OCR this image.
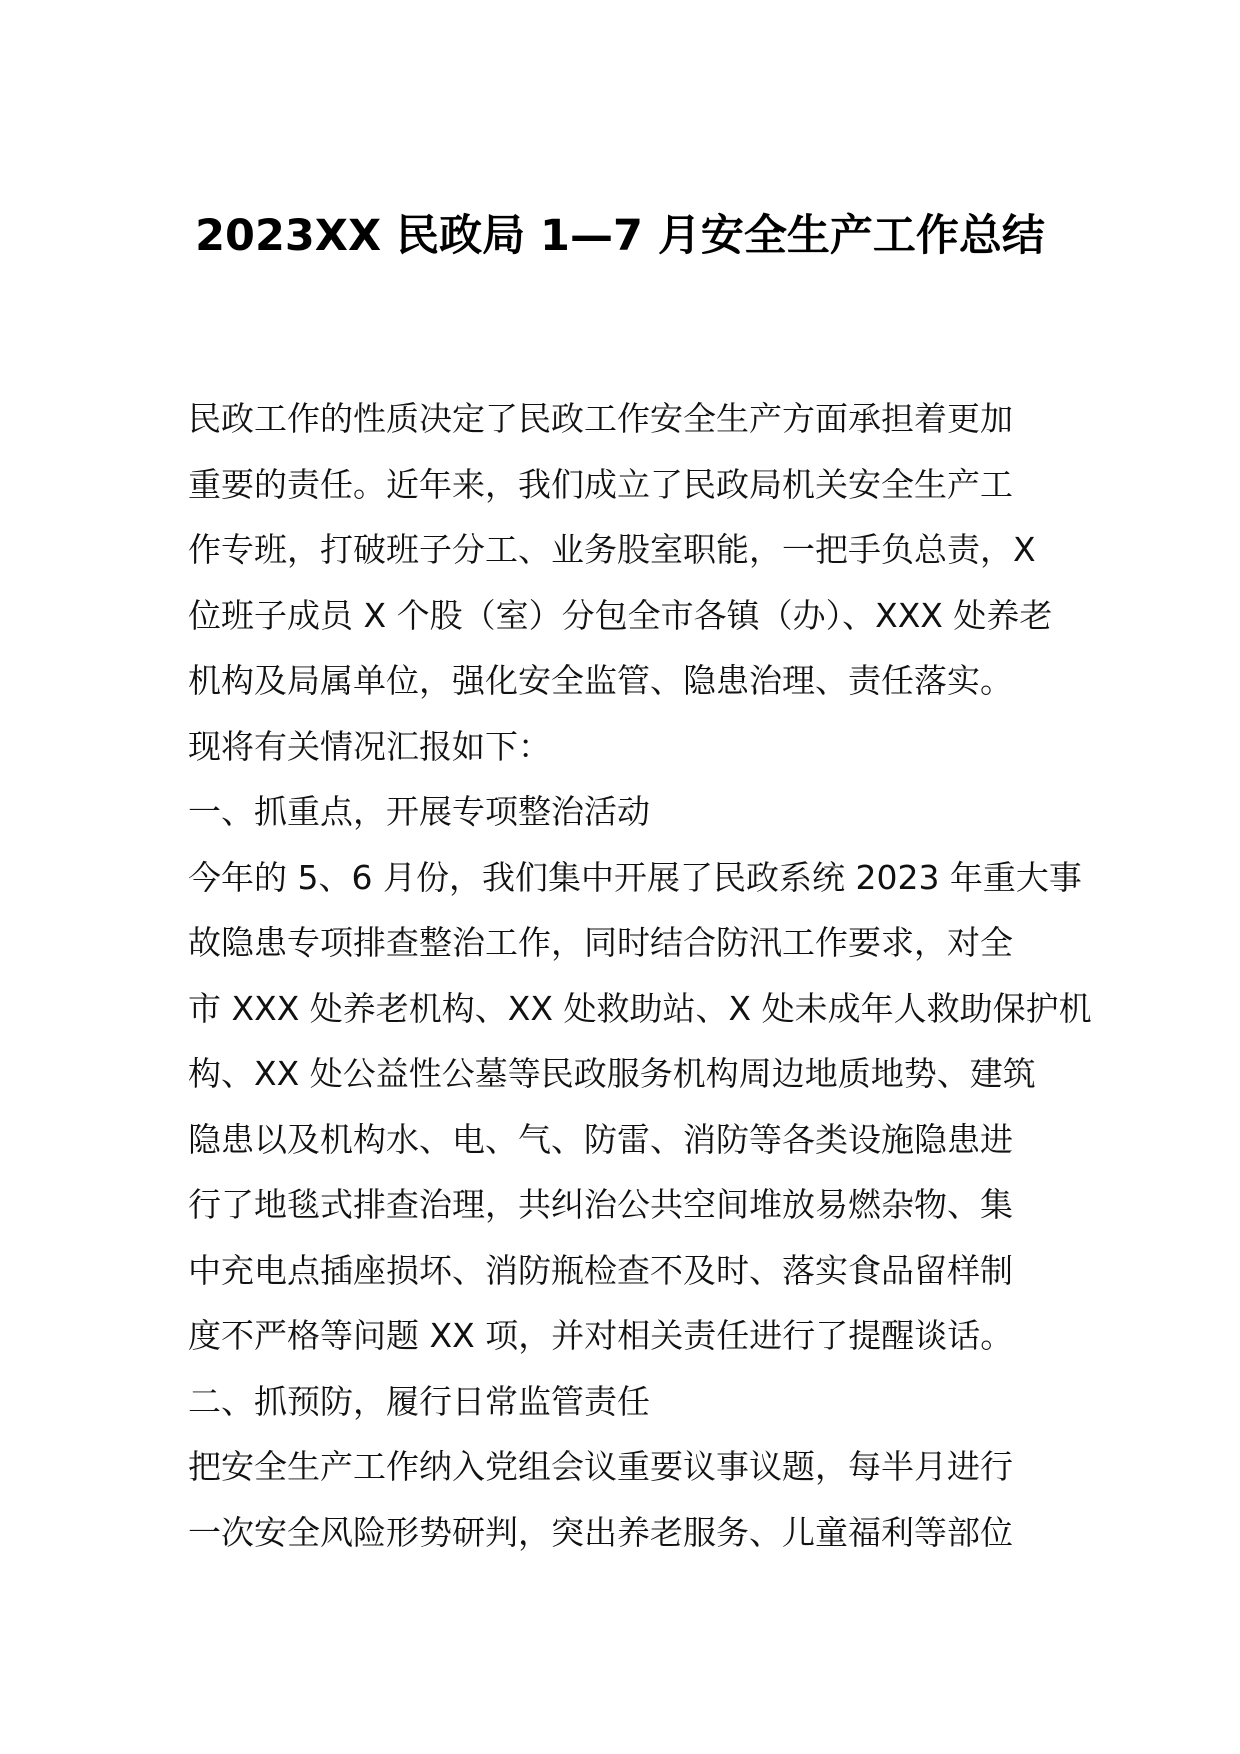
2023XX 民政局 1—7 月安全生产工作总结
民政工作的性质决定了民政工作安全生产方面承担着更加
重要的责任。近年来，我们成立了民政局机关安全生产工
作专班，打破班子分工、业务股室职能，一把手负总责，X
位班子成员 X 个股（室）分包全市各镇（办）、XXX 处养老
机构及局属单位，强化安全监管、隐患治理、责任落实。
现将有关情况汇报如下：
一、抓重点，开展专项整治活动
今年的 5、6 月份，我们集中开展了民政系统 2023 年重大事
故隐患专项排查整治工作，同时结合防汛工作要求，对全
市 XXX 处养老机构、XX 处救助站、X 处未成年人救助保护机
构、XX 处公益性公墓等民政服务机构周边地质地势、建筑
隐患以及机构水、电、气、防雷、消防等各类设施隐患进
行了地毯式排查治理，共纠治公共空间堆放易燃杂物、集
中充电点插座损坏、消防瓶检查不及时、落实食品留样制
度不严格等问题 XX 项，并对相关责任进行了提醒谈话。
二、抓预防，履行日常监管责任
把安全生产工作纳入党组会议重要议事议题，每半月进行
一次安全风险形势研判，突出养老服务、儿童福利等部位
